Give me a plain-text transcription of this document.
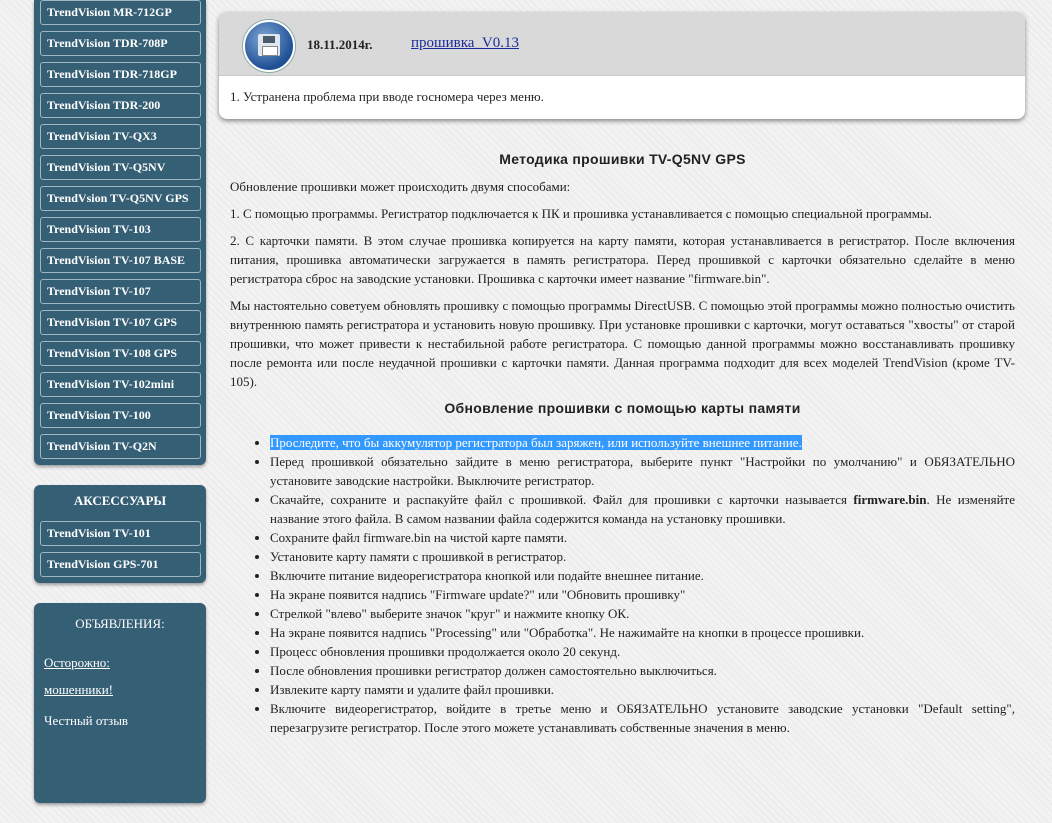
TrendVision MR-712GP
TrendVision TDR-708P
TrendVision TDR-718GP
TrendVision TDR-200
TrendVision TV-QX3
TrendVision TV-Q5NV
TrendVsion TV-Q5NV GPS
TrendVision TV-103
TrendVision TV-107 BASE
TrendVision TV-107
TrendVision TV-107 GPS
TrendVision TV-108 GPS
TrendVision TV-102mini
TrendVision TV-100
TrendVision TV-Q2N
АКСЕССУАРЫ
TrendVision TV-101
TrendVision GPS-701
ОБЪЯВЛЕНИЯ:
Осторожно:
мошенники!
Честный отзыв
18.11.2014г.	прошивка_V0.13
1. Устранена проблема при вводе госномера через меню.
Методика прошивки TV-Q5NV GPS

Обновление прошивки может происходить двумя способами:

1. С помощью программы. Регистратор подключается к ПК и прошивка устанавливается с помощью специальной программы.

2. С карточки памяти. В этом случае прошивка копируется на карту памяти, которая устанавливается в регистратор. После включения питания, прошивка автоматически загружается в память регистратора. Перед прошивкой с карточки обязательно сделайте в меню регистратора сброс на заводские установки. Прошивка с карточки имеет название "firmware.bin".

Мы настоятельно советуем обновлять прошивку с помощью программы DirectUSB. С помощью этой программы можно полностью очистить внутреннюю память регистратора и установить новую прошивку. При установке прошивки с карточки, могут оставаться "хвосты" от старой прошивки, что может привести к нестабильной работе регистратора. С помощью данной программы можно восстанавливать прошивку после ремонта или после неудачной прошивки с карточки памяти. Данная программа подходит для всех моделей TrendVision (кроме TV-105).

Обновление прошивки с помощью карты памяти
• Проследите, что бы аккумулятор регистратора был заряжен, или используйте внешнее питание.
• Перед прошивкой обязательно зайдите в меню регистратора, выберите пункт "Настройки по умолчанию" и ОБЯЗАТЕЛЬНО установите заводские настройки. Выключите регистратор.
• Скачайте, сохраните и распакуйте файл с прошивкой. Файл для прошивки с карточки называется firmware.bin. Не изменяйте название этого файла. В самом названии файла содержится команда на установку прошивки.
• Сохраните файл firmware.bin на чистой карте памяти.
• Установите карту памяти с прошивкой в регистратор.
• Включите питание видеорегистратора кнопкой или подайте внешнее питание.
• На экране появится надпись "Firmware update?" или "Обновить прошивку"
• Стрелкой "влево" выберите значок "круг" и нажмите кнопку ОК.
• На экране появится надпись "Processing" или "Обработка". Не нажимайте на кнопки в процессе прошивки.
• Процесс обновления прошивки продолжается около 20 секунд.
• После обновления прошивки регистратор должен самостоятельно выключиться.
• Извлеките карту памяти и удалите файл прошивки.
• Включите видеорегистратор, войдите в третье меню и ОБЯЗАТЕЛЬНО установите заводские установки "Default setting", перезагрузите регистратор. После этого можете устанавливать собственные значения в меню.
